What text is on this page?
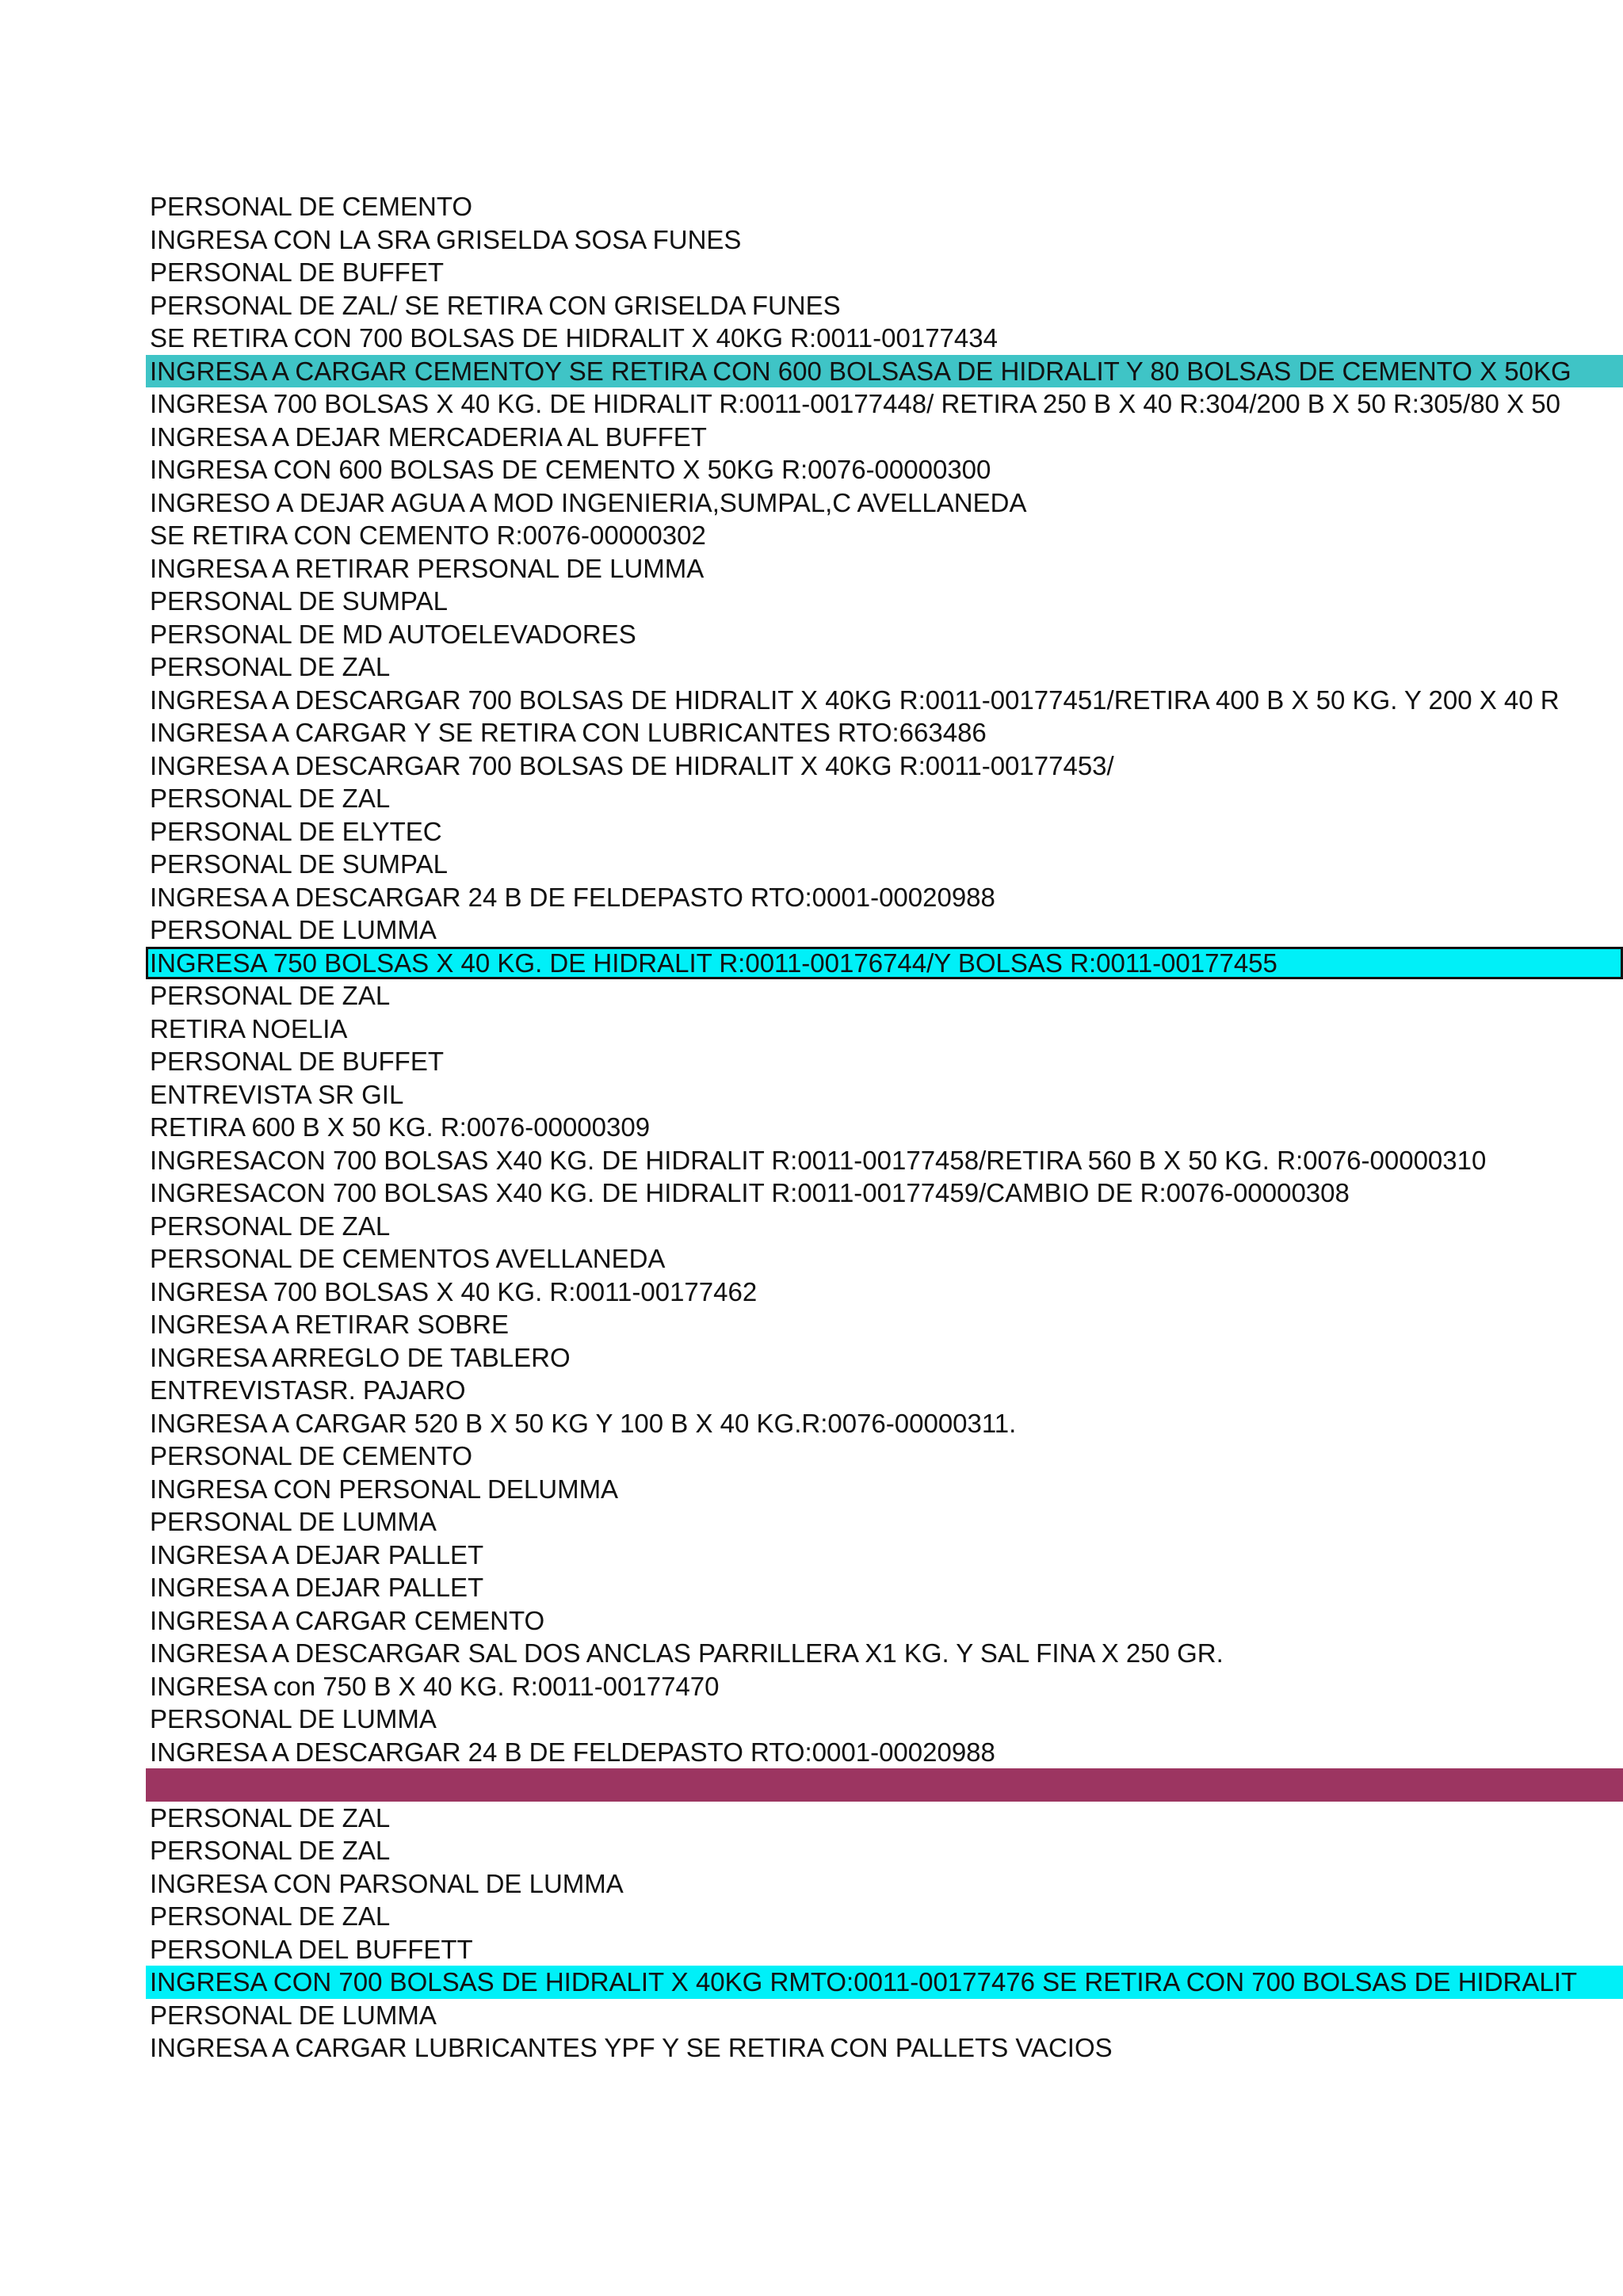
PERSONAL DE CEMENTO
INGRESA CON LA SRA GRISELDA SOSA FUNES
PERSONAL DE BUFFET
PERSONAL DE ZAL/ SE RETIRA CON GRISELDA FUNES
SE RETIRA CON 700 BOLSAS DE HIDRALIT X 40KG R:0011-00177434
INGRESA A CARGAR CEMENTOY SE RETIRA CON 600 BOLSASA DE HIDRALIT Y 80 BOLSAS DE CEMENTO X 50KG
INGRESA 700 BOLSAS X 40 KG. DE HIDRALIT R:0011-00177448/ RETIRA 250 B X 40 R:304/200 B X 50 R:305/80 X 50
INGRESA A DEJAR MERCADERIA AL BUFFET
INGRESA CON 600 BOLSAS DE CEMENTO X 50KG R:0076-00000300
INGRESO A DEJAR AGUA A MOD INGENIERIA,SUMPAL,C AVELLANEDA
SE RETIRA CON CEMENTO R:0076-00000302
INGRESA A RETIRAR PERSONAL DE LUMMA
PERSONAL DE SUMPAL
PERSONAL DE MD AUTOELEVADORES
PERSONAL DE ZAL
INGRESA A DESCARGAR 700 BOLSAS DE HIDRALIT X 40KG R:0011-00177451/RETIRA 400 B X 50 KG. Y 200 X 40 R
INGRESA A CARGAR Y SE RETIRA CON LUBRICANTES RTO:663486
INGRESA A DESCARGAR 700 BOLSAS DE HIDRALIT X 40KG R:0011-00177453/
PERSONAL DE ZAL
PERSONAL DE ELYTEC
PERSONAL DE SUMPAL
INGRESA A DESCARGAR 24 B DE FELDEPASTO RTO:0001-00020988
PERSONAL DE LUMMA
INGRESA 750 BOLSAS X 40 KG. DE HIDRALIT R:0011-00176744/Y BOLSAS R:0011-00177455
PERSONAL DE ZAL
RETIRA NOELIA
PERSONAL DE BUFFET
ENTREVISTA SR GIL
RETIRA 600 B X 50 KG. R:0076-00000309
INGRESACON 700 BOLSAS X40 KG. DE HIDRALIT R:0011-00177458/RETIRA 560 B X 50 KG. R:0076-00000310
INGRESACON 700 BOLSAS X40 KG. DE HIDRALIT R:0011-00177459/CAMBIO DE R:0076-00000308
PERSONAL DE ZAL
PERSONAL DE CEMENTOS AVELLANEDA
INGRESA 700 BOLSAS X 40 KG. R:0011-00177462
INGRESA A RETIRAR SOBRE
INGRESA ARREGLO DE TABLERO
ENTREVISTASR. PAJARO
INGRESA A CARGAR 520 B X 50 KG Y 100 B X 40 KG.R:0076-00000311.
PERSONAL DE CEMENTO
INGRESA CON PERSONAL DELUMMA
PERSONAL DE LUMMA
INGRESA A DEJAR PALLET
INGRESA A DEJAR PALLET
INGRESA A CARGAR CEMENTO
INGRESA A DESCARGAR SAL DOS ANCLAS PARRILLERA X1 KG. Y SAL FINA X 250 GR.
INGRESA con 750 B X 40 KG. R:0011-00177470
PERSONAL DE LUMMA
INGRESA A DESCARGAR 24 B DE FELDEPASTO RTO:0001-00020988
PERSONAL DE ZAL
PERSONAL DE ZAL
INGRESA CON PARSONAL DE LUMMA
PERSONAL DE ZAL
PERSONLA DEL BUFFETT
INGRESA CON 700 BOLSAS DE HIDRALIT X 40KG RMTO:0011-00177476 SE RETIRA CON 700 BOLSAS DE HIDRALIT
PERSONAL DE LUMMA
INGRESA A CARGAR LUBRICANTES YPF Y SE RETIRA CON PALLETS VACIOS
